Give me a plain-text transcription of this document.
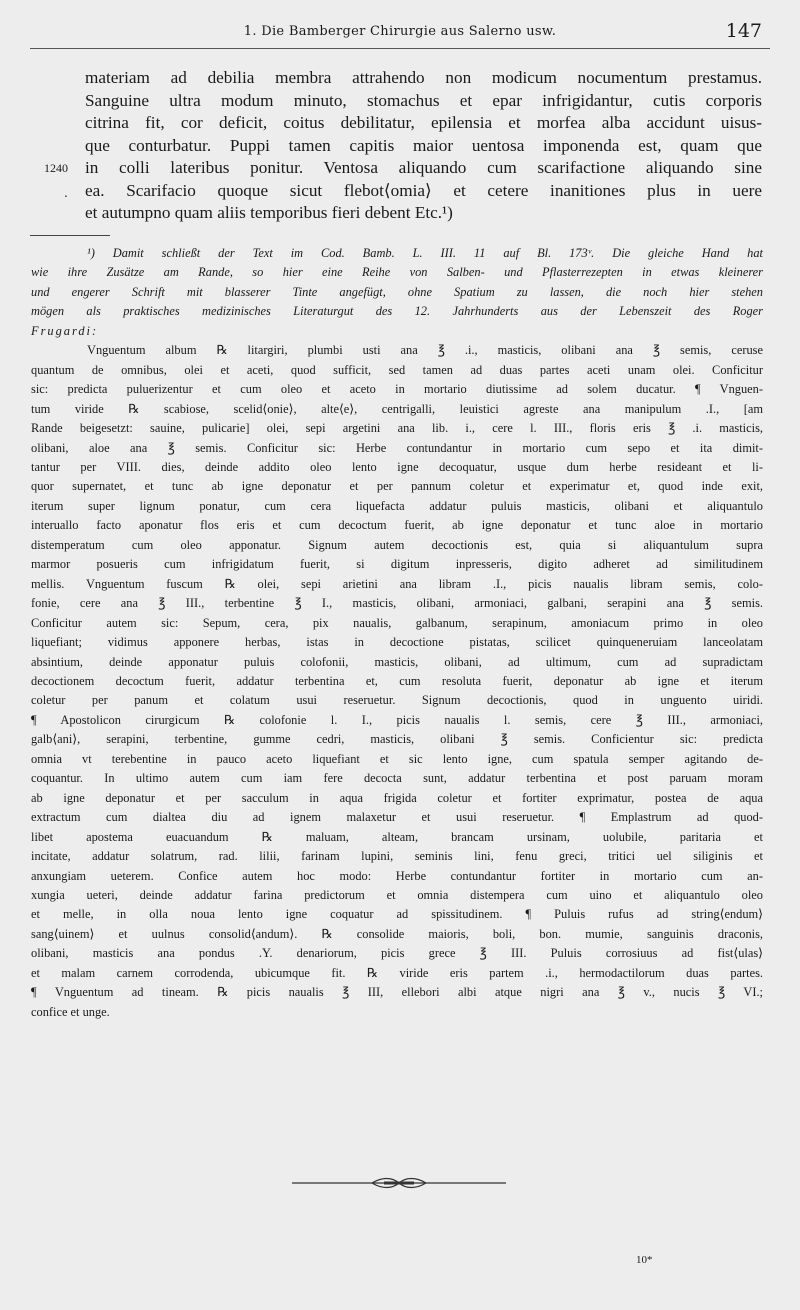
1. Die Bamberger Chirurgie aus Salerno usw.	147
1240
.
materiam ad debilia membra attrahendo non modicum nocumentum prestamus.
Sanguine ultra modum minuto, stomachus et epar infrigidantur, cutis corporis
citrina fit, cor deficit, coitus debilitatur, epilensia et morfea alba accidunt uisus-
que conturbatur. Puppi tamen capitis maior uentosa imponenda est, quam que
in colli lateribus ponitur. Ventosa aliquando cum scarifactione aliquando sine
ea. Scarifacio quoque sicut flebot⟨omia⟩ et cetere inanitiones plus in uere
et autumpno quam aliis temporibus fieri debent Etc.¹)
¹) Damit schließt der Text im Cod. Bamb. L. III. 11 auf Bl. 173ᵛ. Die gleiche Hand hat
wie ihre Zusätze am Rande, so hier eine Reihe von Salben- und Pflasterrezepten in etwas kleinerer
und engerer Schrift mit blasserer Tinte angefügt, ohne Spatium zu lassen, die noch hier stehen
mögen als praktisches medizinisches Literaturgut des 12. Jahrhunderts aus der Lebenszeit des Roger
Frugardi:
Vnguentum album ℞ litargiri, plumbi usti ana ℥ .i., masticis, olibani ana ℥ semis, ceruse
quantum de omnibus, olei et aceti, quod sufficit, sed tamen ad duas partes aceti unam olei. Conficitur
sic: predicta puluerizentur et cum oleo et aceto in mortario diutissime ad solem ducatur. ¶ Vnguen-
tum viride ℞ scabiose, scelid⟨onie⟩, alte⟨e⟩, centrigalli, leuistici agreste ana manipulum .I., [am
Rande beigesetzt: sauine, pulicarie] olei, sepi argetini ana lib. i., cere l. III., floris eris ℥ .i. masticis,
olibani, aloe ana ℥ semis. Conficitur sic: Herbe contundantur in mortario cum sepo et ita dimit-
tantur per VIII. dies, deinde addito oleo lento igne decoquatur, usque dum herbe resideant et li-
quor supernatet, et tunc ab igne deponatur et per pannum coletur et experimatur et, quod inde exit,
iterum super lignum ponatur, cum cera liquefacta addatur puluis masticis, olibani et aliquantulo
interuallo facto aponatur flos eris et cum decoctum fuerit, ab igne deponatur et tunc aloe in mortario
distemperatum cum oleo apponatur. Signum autem decoctionis est, quia si aliquantulum supra
marmor posueris cum infrigidatum fuerit, si digitum inpresseris, digito adheret ad similitudinem
mellis. Vnguentum fuscum ℞ olei, sepi arietini ana libram .I., picis naualis libram semis, colo-
fonie, cere ana ℥ III., terbentine ℥ I., masticis, olibani, armoniaci, galbani, serapini ana ℥ semis.
Conficitur autem sic: Sepum, cera, pix naualis, galbanum, serapinum, amoniacum primo in oleo
liquefiant; vidimus apponere herbas, istas in decoctione pistatas, scilicet quinqueneruiam lanceolatam
absintium, deinde apponatur puluis colofonii, masticis, olibani, ad ultimum, cum ad supradictam
decoctionem decoctum fuerit, addatur terbentina et, cum resoluta fuerit, deponatur ab igne et iterum
coletur per panum et colatum usui reseruetur. Signum decoctionis, quod in unguento uiridi.
¶ Apostolicon cirurgicum ℞ colofonie l. I., picis naualis l. semis, cere ℥ III., armoniaci,
galb⟨ani⟩, serapini, terbentine, gumme cedri, masticis, olibani ℥ semis. Conficientur sic: predicta
omnia vt terebentine in pauco aceto liquefiant et sic lento igne, cum spatula semper agitando de-
coquantur. In ultimo autem cum iam fere decocta sunt, addatur terbentina et post paruam moram
ab igne deponatur et per sacculum in aqua frigida coletur et fortiter exprimatur, postea de aqua
extractum cum dialtea diu ad ignem malaxetur et usui reseruetur. ¶ Emplastrum ad quod-
libet apostema euacuandum ℞ maluam, alteam, brancam ursinam, uolubile, paritaria et
incitate, addatur solatrum, rad. lilii, farinam lupini, seminis lini, fenu greci, tritici uel siliginis et
anxungiam ueterem. Confice autem hoc modo: Herbe contundantur fortiter in mortario cum an-
xungia ueteri, deinde addatur farina predictorum et omnia distempera cum uino et aliquantulo oleo
et melle, in olla noua lento igne coquatur ad spissitudinem. ¶ Puluis rufus ad string⟨endum⟩
sang⟨uinem⟩ et uulnus consolid⟨andum⟩. ℞ consolide maioris, boli, bon. mumie, sanguinis draconis,
olibani, masticis ana pondus .Y. denariorum, picis grece ℥ III. Puluis corrosiuus ad fist⟨ulas⟩
et malam carnem corrodenda, ubicumque fit. ℞ viride eris partem .i., hermodactilorum duas partes.
¶ Vnguentum ad tineam. ℞ picis naualis ℥ III, ellebori albi atque nigri ana ℥ v., nucis ℥ VI.;
confice et unge.
10*
